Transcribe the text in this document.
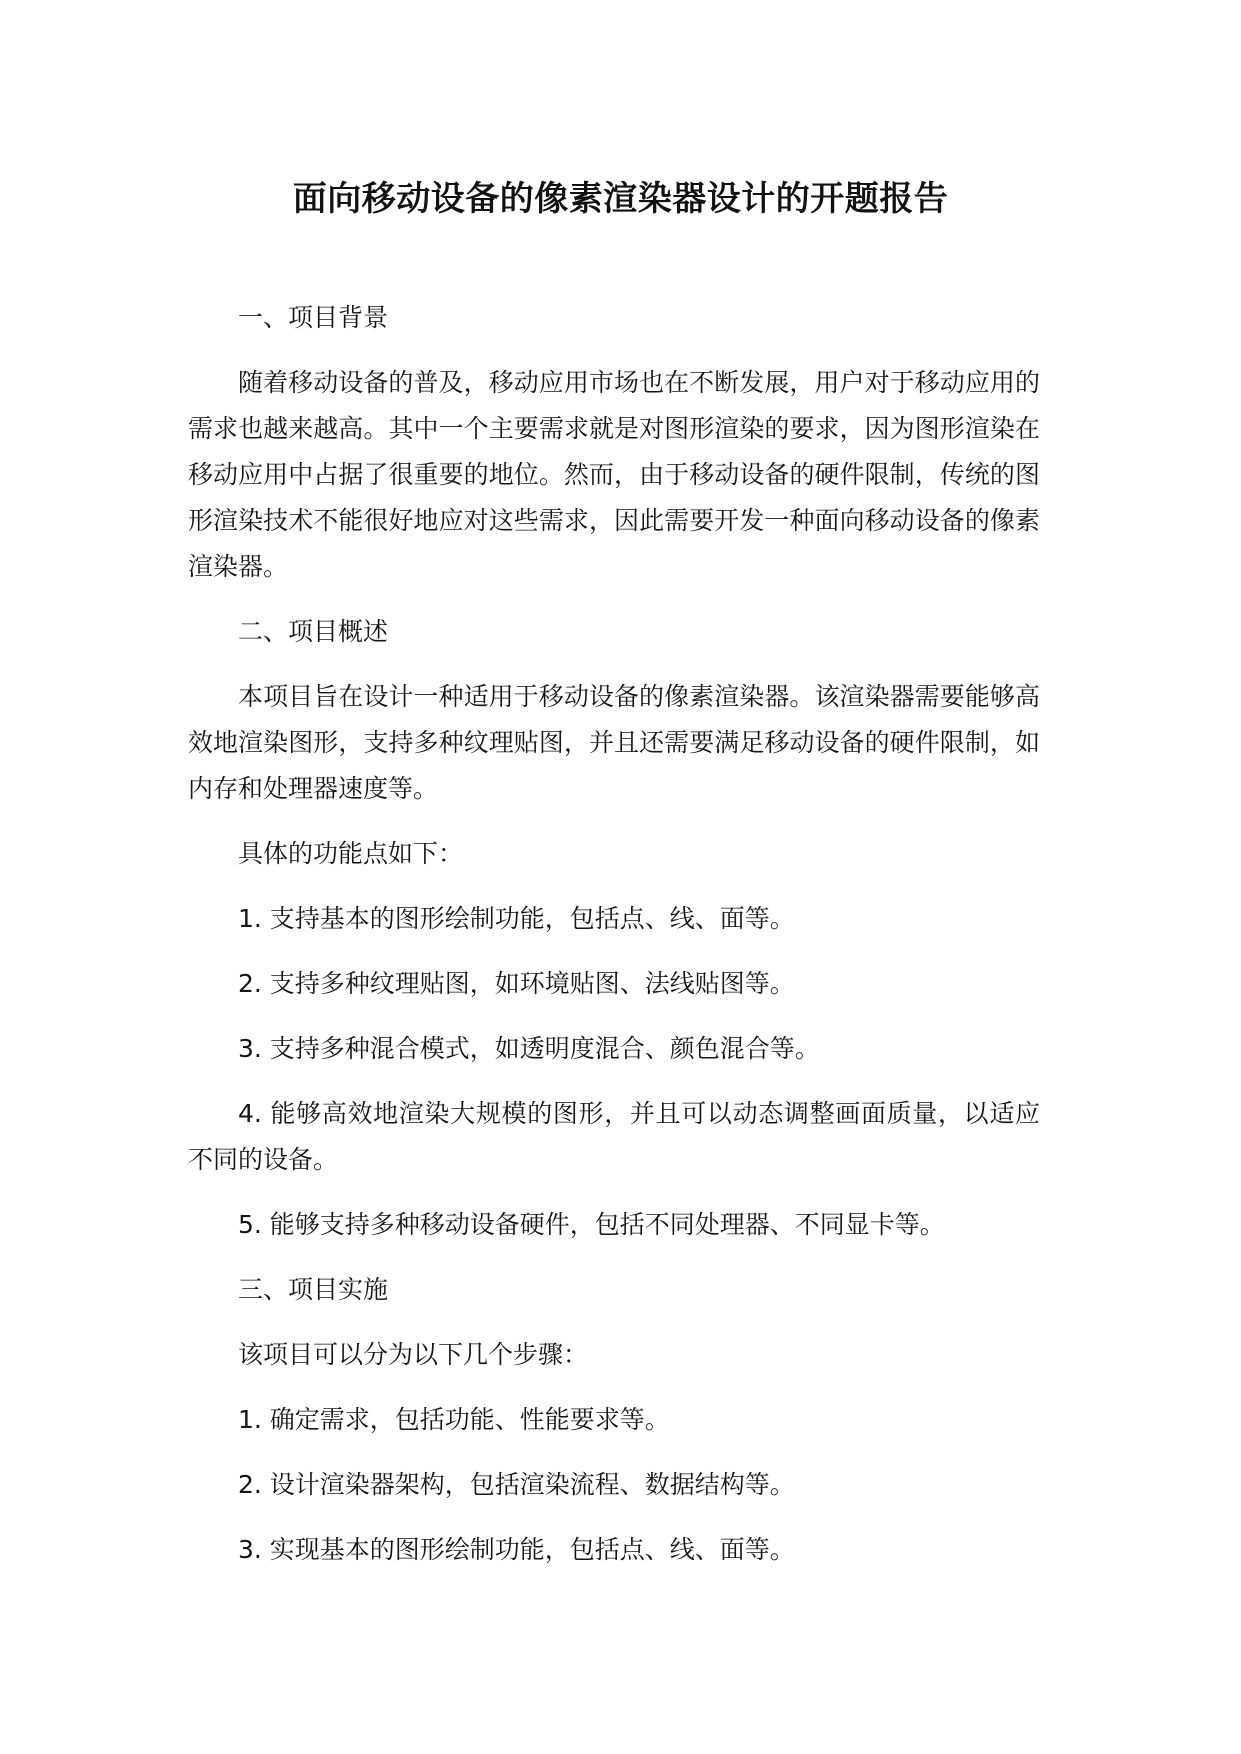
面向移动设备的像素渲染器设计的开题报告

一、项目背景

随着移动设备的普及，移动应用市场也在不断发展，用户对于移动应用的需求也越来越高。其中一个主要需求就是对图形渲染的要求，因为图形渲染在移动应用中占据了很重要的地位。然而，由于移动设备的硬件限制，传统的图形渲染技术不能很好地应对这些需求，因此需要开发一种面向移动设备的像素渲染器。

二、项目概述

本项目旨在设计一种适用于移动设备的像素渲染器。该渲染器需要能够高效地渲染图形，支持多种纹理贴图，并且还需要满足移动设备的硬件限制，如内存和处理器速度等。

具体的功能点如下：

1. 支持基本的图形绘制功能，包括点、线、面等。

2. 支持多种纹理贴图，如环境贴图、法线贴图等。

3. 支持多种混合模式，如透明度混合、颜色混合等。

4. 能够高效地渲染大规模的图形，并且可以动态调整画面质量，以适应不同的设备。

5. 能够支持多种移动设备硬件，包括不同处理器、不同显卡等。

三、项目实施

该项目可以分为以下几个步骤：

1. 确定需求，包括功能、性能要求等。

2. 设计渲染器架构，包括渲染流程、数据结构等。

3. 实现基本的图形绘制功能，包括点、线、面等。
